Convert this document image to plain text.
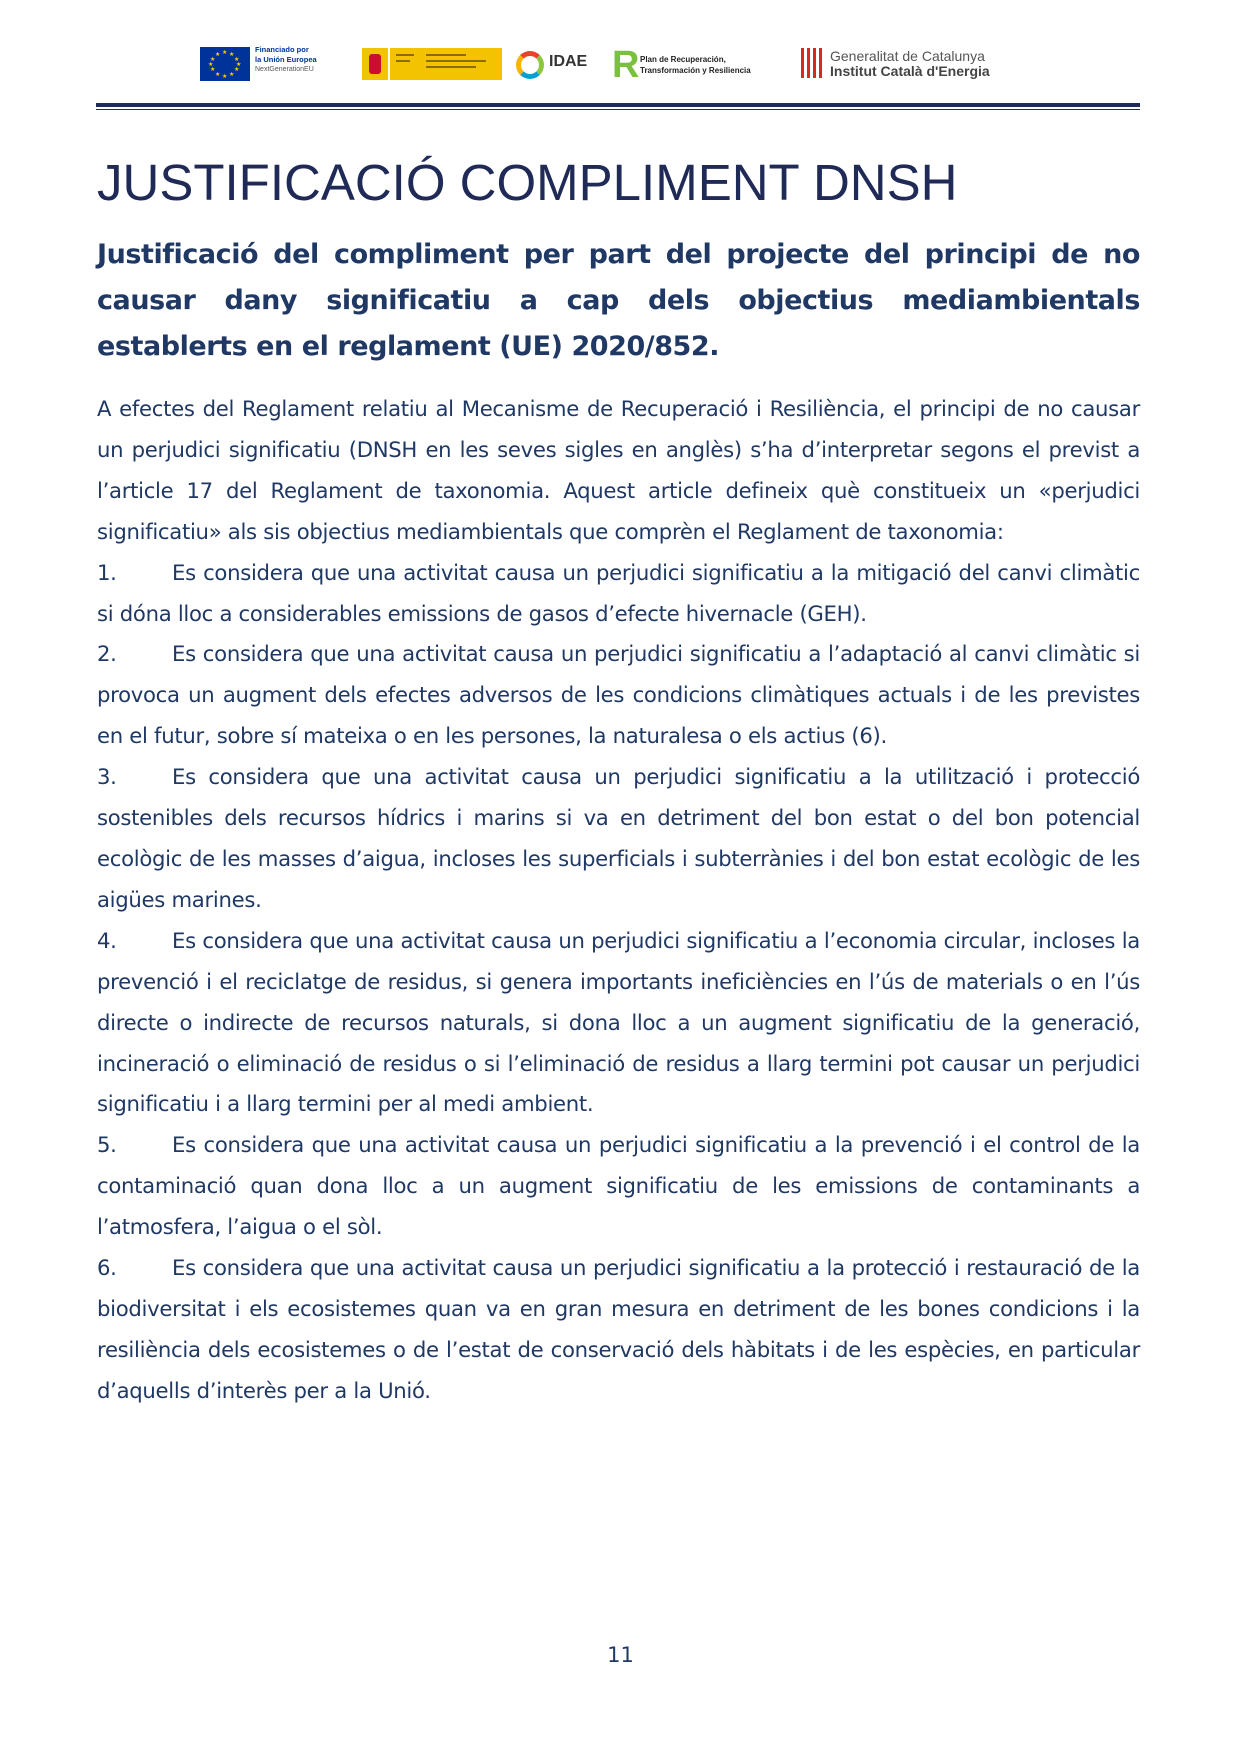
★ ★
★
★
★
★
★
★
★
★
★
★
Financiado por
la Unión Europea
NextGenerationEU	IDAE R Plan de Recuperación,
Transformación y Resiliencia
Generalitat de Catalunya
Institut Català d'Energia
JUSTIFICACIÓ COMPLIMENT DNSH
Justificació del compliment per part del projecte del principi de no causar dany significatiu a cap dels objectius mediambientals establerts en el reglament (UE) 2020/852.

A efectes del Reglament relatiu al Mecanisme de Recuperació i Resiliència, el principi de no causar un perjudici significatiu (DNSH en les seves sigles en anglès) s’ha d’interpretar segons el previst a l’article 17 del Reglament de taxonomia. Aquest article defineix què constitueix un «perjudici significatiu» als sis objectius mediambientals que comprèn el Reglament de taxonomia:

1.	Es considera que una activitat causa un perjudici significatiu a la mitigació del canvi climàtic si dóna lloc a considerables emissions de gasos d’efecte hivernacle (GEH).

2.	Es considera que una activitat causa un perjudici significatiu a l’adaptació al canvi climàtic si provoca un augment dels efectes adversos de les condicions climàtiques actuals i de les previstes en el futur, sobre sí mateixa o en les persones, la naturalesa o els actius (6).

3.	Es considera que una activitat causa un perjudici significatiu a la utilització i protecció sostenibles dels recursos hídrics i marins si va en detriment del bon estat o del bon potencial ecològic de les masses d’aigua, incloses les superficials i subterrànies i del bon estat ecològic de les aigües marines.

4.	Es considera que una activitat causa un perjudici significatiu a l’economia circular, incloses la prevenció i el reciclatge de residus, si genera importants ineficiències en l’ús de materials o en l’ús directe o indirecte de recursos naturals, si dona lloc a un augment significatiu de la generació, incineració o eliminació de residus o si l’eliminació de residus a llarg termini pot causar un perjudici significatiu i a llarg termini per al medi ambient.

5.	Es considera que una activitat causa un perjudici significatiu a la prevenció i el control de la contaminació quan dona lloc a un augment significatiu de les emissions de contaminants a l’atmosfera, l’aigua o el sòl.

6.	Es considera que una activitat causa un perjudici significatiu a la protecció i restauració de la biodiversitat i els ecosistemes quan va en gran mesura en detriment de les bones condicions i la resiliència dels ecosistemes o de l’estat de conservació dels hàbitats i de les espècies, en particular d’aquells d’interès per a la Unió.

11
